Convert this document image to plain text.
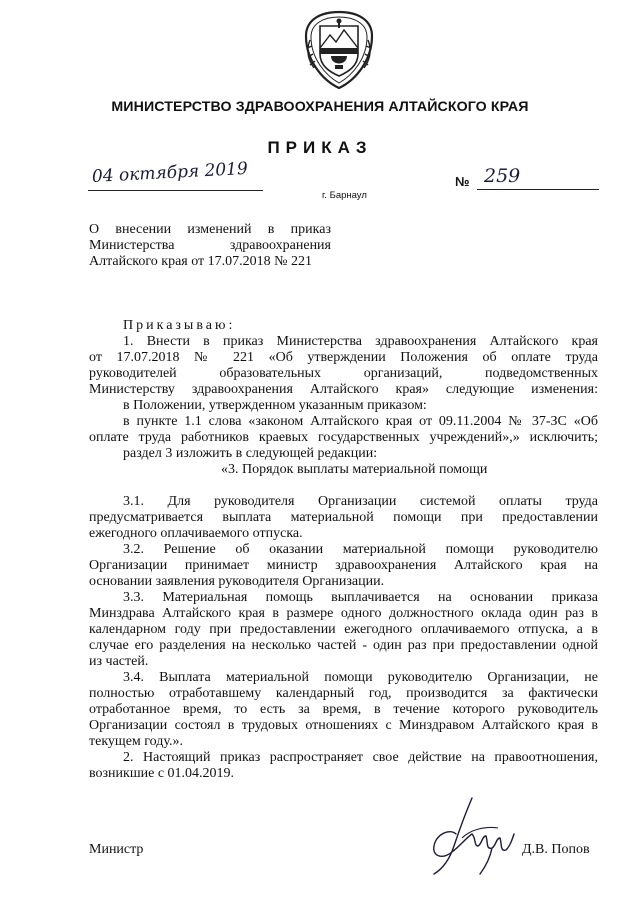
МИНИСТЕРСТВО ЗДРАВООХРАНЕНИЯ АЛТАЙСКОГО КРАЯ
ПРИКАЗ
04 октября 2019
г. Барнаул
№ 259
О внесении изменений в приказ
Министерства здравоохранения
Алтайского края от 17.07.2018 № 221
Приказываю:
1. Внести в приказ Министерства здравоохранения Алтайского края
от 17.07.2018 № 221 «Об утверждении Положения об оплате труда
руководителей образовательных организаций, подведомственных
Министерству здравоохранения Алтайского края» следующие изменения:
в Положении, утвержденном указанным приказом:
в пункте 1.1 слова «законом Алтайского края от 09.11.2004 № 37-ЗС «Об
оплате труда работников краевых государственных учреждений»,» исключить;
раздел 3 изложить в следующей редакции:
«3. Порядок выплаты материальной помощи
3.1. Для руководителя Организации системой оплаты труда
предусматривается выплата материальной помощи при предоставлении
ежегодного оплачиваемого отпуска.
3.2. Решение об оказании материальной помощи руководителю
Организации принимает министр здравоохранения Алтайского края на
основании заявления руководителя Организации.
3.3. Материальная помощь выплачивается на основании приказа
Минздрава Алтайского края в размере одного должностного оклада один раз в
календарном году при предоставлении ежегодного оплачиваемого отпуска, а в
случае его разделения на несколько частей - один раз при предоставлении одной
из частей.
3.4. Выплата материальной помощи руководителю Организации, не
полностью отработавшему календарный год, производится за фактически
отработанное время, то есть за время, в течение которого руководитель
Организации состоял в трудовых отношениях с Минздравом Алтайского края в
текущем году.».
2. Настоящий приказ распространяет свое действие на правоотношения,
возникшие с 01.04.2019.
Министр	Д.В. Попов
